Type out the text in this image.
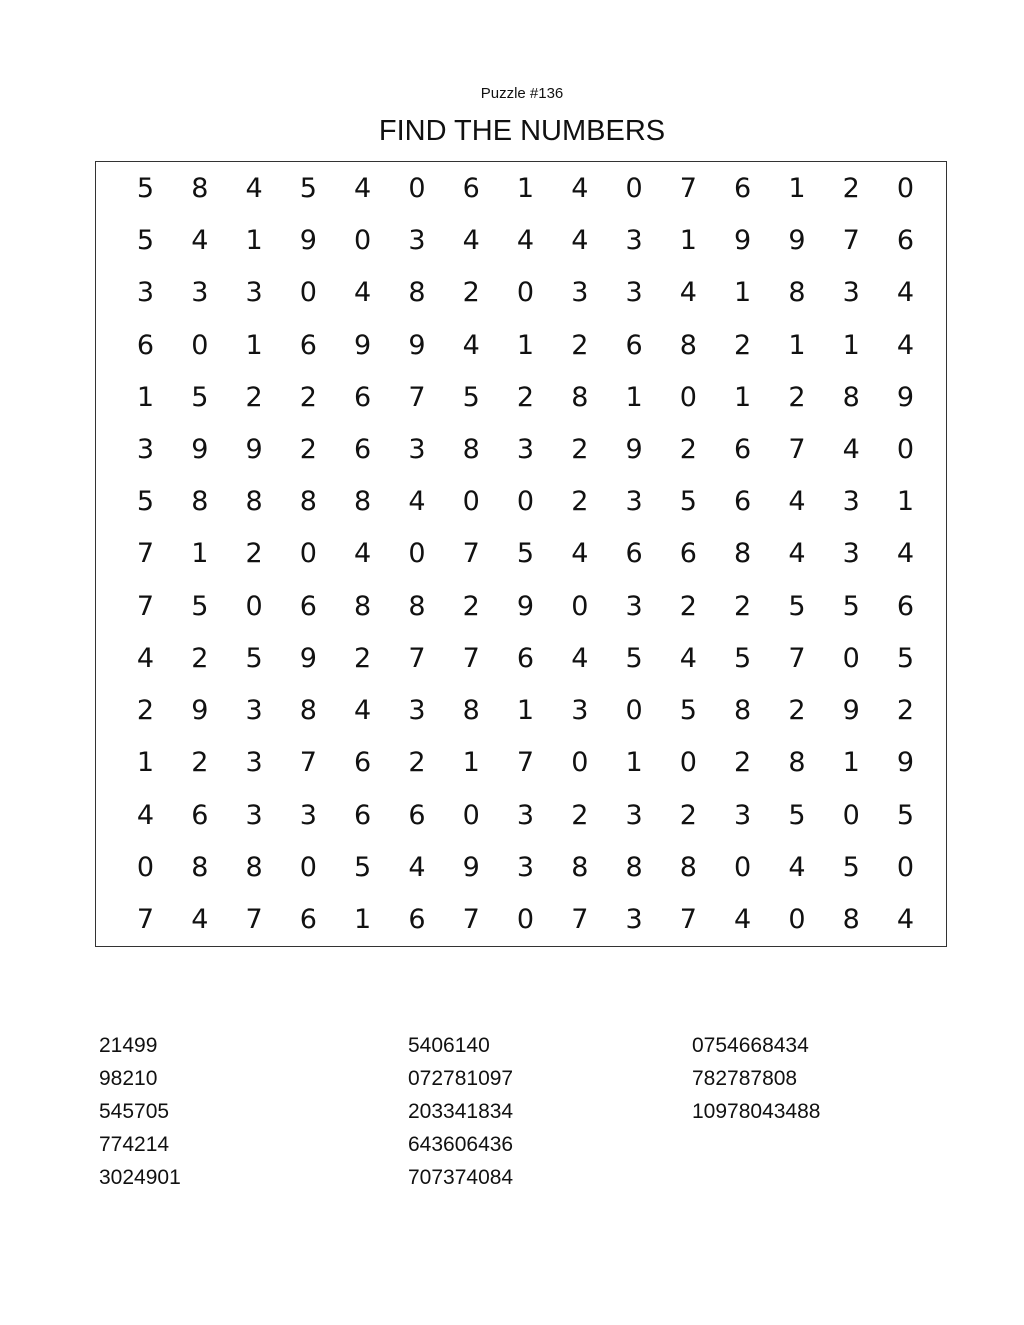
Puzzle #136
FIND THE NUMBERS
5	8	4	5	4	0	6	1	4	0	7	6	1	2	0
5	4	1	9	0	3	4	4	4	3	1	9	9	7	6
3	3	3	0	4	8	2	0	3	3	4	1	8	3	4
6	0	1	6	9	9	4	1	2	6	8	2	1	1	4
1	5	2	2	6	7	5	2	8	1	0	1	2	8	9
3	9	9	2	6	3	8	3	2	9	2	6	7	4	0
5	8	8	8	8	4	0	0	2	3	5	6	4	3	1
7	1	2	0	4	0	7	5	4	6	6	8	4	3	4
7	5	0	6	8	8	2	9	0	3	2	2	5	5	6
4	2	5	9	2	7	7	6	4	5	4	5	7	0	5
2	9	3	8	4	3	8	1	3	0	5	8	2	9	2
1	2	3	7	6	2	1	7	0	1	0	2	8	1	9
4	6	3	3	6	6	0	3	2	3	2	3	5	0	5
0	8	8	0	5	4	9	3	8	8	8	0	4	5	0
7	4	7	6	1	6	7	0	7	3	7	4	0	8	4
21499
98210
545705
774214
3024901
5406140
072781097
203341834
643606436
707374084
0754668434
782787808
10978043488
